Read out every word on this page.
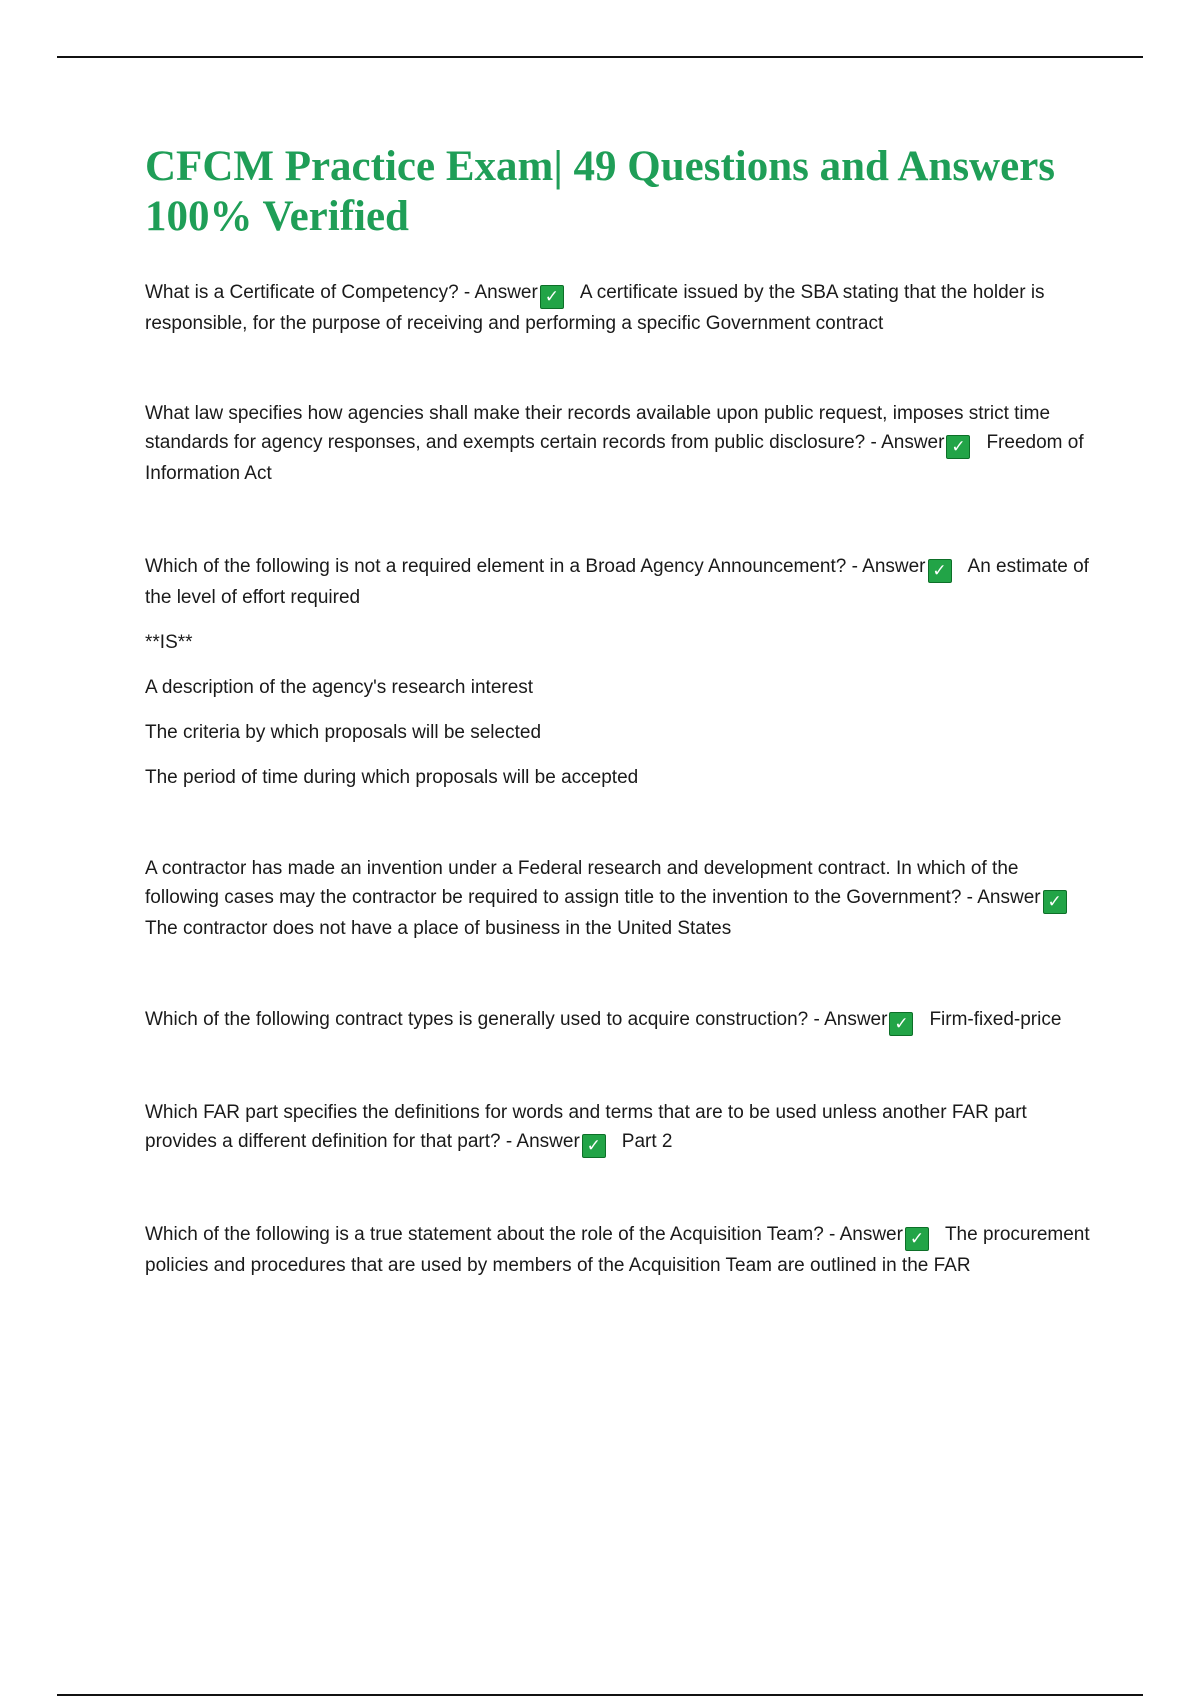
CFCM Practice Exam| 49 Questions and Answers 100% Verified

What is a Certificate of Competency? - Answer ✓ A certificate issued by the SBA stating that the holder is responsible, for the purpose of receiving and performing a specific Government contract

What law specifies how agencies shall make their records available upon public request, imposes strict time standards for agency responses, and exempts certain records from public disclosure? - Answer ✓ Freedom of Information Act

Which of the following is not a required element in a Broad Agency Announcement? - Answer ✓ An estimate of the level of effort required

**IS**

A description of the agency's research interest

The criteria by which proposals will be selected

The period of time during which proposals will be accepted

A contractor has made an invention under a Federal research and development contract. In which of the following cases may the contractor be required to assign title to the invention to the Government? - Answer ✓The contractor does not have a place of business in the United States

Which of the following contract types is generally used to acquire construction? - Answer ✓ Firm-fixed-price

Which FAR part specifies the definitions for words and terms that are to be used unless another FAR part provides a different definition for that part? - Answer ✓ Part 2

Which of the following is a true statement about the role of the Acquisition Team? - Answer ✓ The procurement policies and procedures that are used by members of the Acquisition Team are outlined in the FAR
